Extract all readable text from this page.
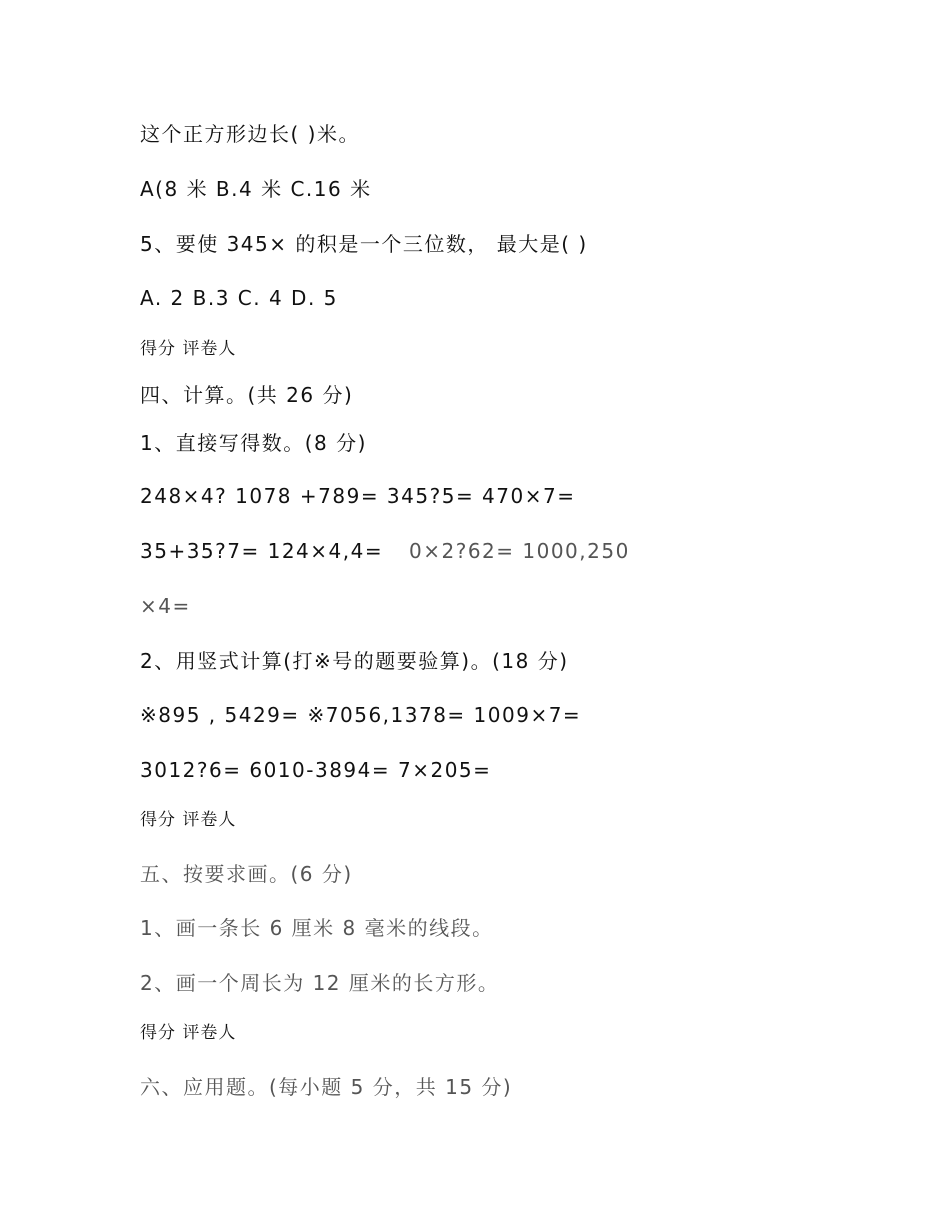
这个正方形边长( )米。
A(8 米 B.4 米 C.16 米
5、要使 345× 的积是一个三位数， 最大是( )
A. 2 B.3 C. 4 D. 5
得分 评卷人
四、计算。(共 26 分)
1、直接写得数。(8 分)
248×4? 1078 +789= 345?5= 470×7=
35+35?7= 124×4,4= 0×2?62= 1000,250
×4=
2、用竖式计算(打※号的题要验算)。(18 分)
※895 , 5429= ※7056,1378= 1009×7=
3012?6= 6010-3894= 7×205=
得分 评卷人
五、按要求画。(6 分)
1、画一条长 6 厘米 8 毫米的线段。
2、画一个周长为 12 厘米的长方形。
得分 评卷人
六、应用题。(每小题 5 分，共 15 分)
